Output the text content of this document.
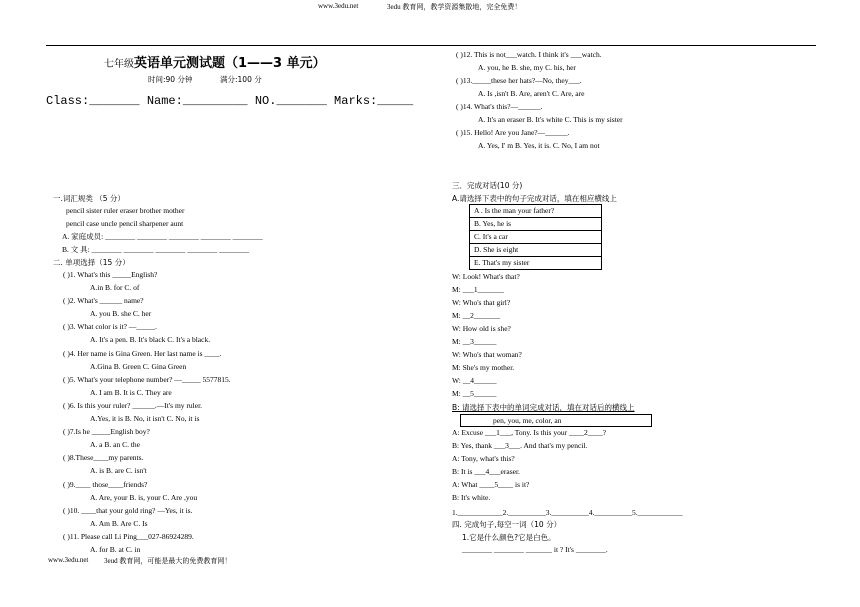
www.3edu.net	3edu 教育网，教学资源集散地，完全免费！
七年级英语单元测试题（1——3 单元）
时间:90 分钟	满分:100 分
Class:_______ Name:_________ NO._______ Marks:_____
一.词汇规类 （5 分）
pencil sister ruler eraser brother mother
pencil case uncle pencil sharpener aunt
A. 家庭成员: ________ ________ ________ ________ ________
B. 文 具: ________ ________ ________ ________ ________
二. 单项选择（15 分）
( )1. What's this _____English?
A.in B. for C. of
( )2. What's ______ name?
A. you B. she C. her
( )3. What color is it? —_____.
A. It's a pen. B. It's black C. It's a black.
( )4. Her name is Gina Green. Her last name is ____.
A.Gina B. Green C. Gina Green
( )5. What's your telephone number? —_____ 5577815.
A. I am B. It is C. They are
( )6. Is this your ruler? ______.—It's my ruler.
A.Yes, it is B. No, it isn't C. No, it is
( )7.Is he _____English boy?
A. a B. an C. the
( )8.These____my parents.
A. is B. are C. isn't
( )9.____ those____friends?
A. Are, your B. is, your C. Are ,you
( )10. ____that your gold ring? —Yes, it is.
A. Am B. Are C. Is
( )11. Please call Li Ping___027-86924289.
A. for B. at C. in
( )12. This is not___watch. I think it's ___watch.
A. you, he B. she, my C. his, her
( )13._____these her hats?—No, they___.
A. Is ,isn't B. Are, aren't C. Are, are
( )14. What's this?—______.
A. It's an eraser B. It's white C. This is my sister
( )15. Hello! Are you Jane?—______.
A. Yes, I' m B. Yes, it is. C. No, I am not
三．完成对话(10 分)
A.请选择下表中的句子完成对话，填在相应横线上
A . Is the man your father?
B. Yes, he is
C. It's a car
D. She is eight
E. That's my sister
W: Look! What's that?
M: ___1_______
W: Who's that girl?
M: __2_______
W: How old is she?
M: __3______
W: Who's that woman?
M: She's my mother.
W: __4______
M: __5______
B: 请选择下表中的单词完成对话，填在对话后的横线上
pen, you, me, color, an
A: Excuse ___1___, Tony. Is this your ____2____?
B: Yes, thank ___3___. And that's my pencil.
A: Tony, what's this?
B: It is ___4___eraser.
A: What ____5____ is it?
B: It's white.
1.____________2.__________3.__________4.__________5.____________
四. 完成句子,每空一词（10 分）
1.它是什么颜色?它是白色。
________ ________ _______ it ? It's ________.
www.3edu.net 3eud 教育网，可能是最大的免费教育网！
